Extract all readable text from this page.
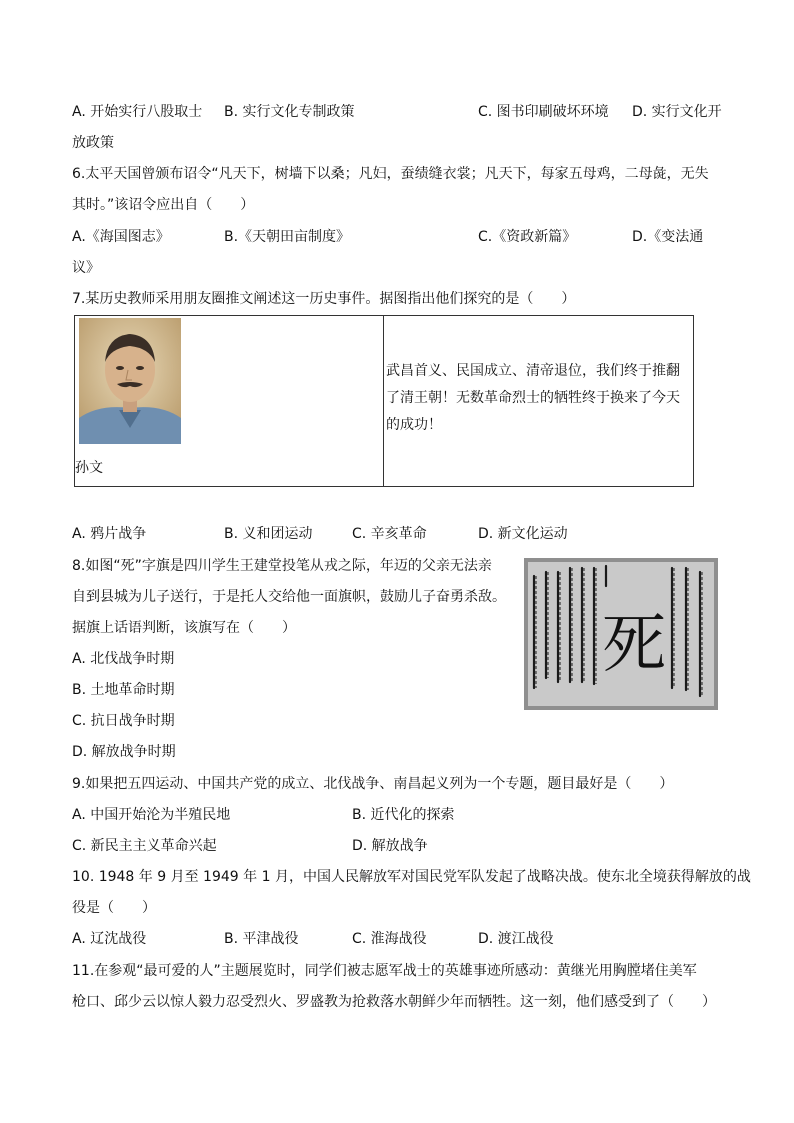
A. 开始实行八股取士 B. 实行文化专制政策	C. 图书印刷破坏环境 D. 实行文化开
放政策
6.太平天国曾颁布诏令“凡天下，树墙下以桑；凡妇，蚕绩缝衣裳；凡天下，每家五母鸡，二母彘，无失
其时。”该诏令应出自（　　）
A.《海国图志》	B.《天朝田亩制度》	C.《资政新篇》	D.《变法通
议》
7.某历史教师采用朋友圈推文阐述这一历史事件。据图指出他们探究的是（　　）
孙文

武昌首义、民国成立、清帝退位，我们终于推翻了清王朝！无数革命烈士的牺牲终于换来了今天的成功！
A. 鸦片战争	B. 义和团运动	C. 辛亥革命	D. 新文化运动
8.如图“死”字旗是四川学生王建堂投笔从戎之际，年迈的父亲无法亲
自到县城为儿子送行，于是托人交给他一面旗帜，鼓励儿子奋勇杀敌。
据旗上话语判断，该旗写在（　　）
A. 北伐战争时期
B. 土地革命时期
C. 抗日战争时期
D. 解放战争时期
死
9.如果把五四运动、中国共产党的成立、北伐战争、南昌起义列为一个专题，题目最好是（　　）
A. 中国开始沦为半殖民地	B. 近代化的探索
C. 新民主主义革命兴起	D. 解放战争
10. 1948 年 9 月至 1949 年 1 月，中国人民解放军对国民党军队发起了战略决战。使东北全境获得解放的战
役是（　　）
A. 辽沈战役	B. 平津战役	C. 淮海战役	D. 渡江战役
11.在参观“最可爱的人”主题展览时，同学们被志愿军战士的英雄事迹所感动：黄继光用胸膛堵住美军
枪口、邱少云以惊人毅力忍受烈火、罗盛教为抢救落水朝鲜少年而牺牲。这一刻，他们感受到了（　　）
